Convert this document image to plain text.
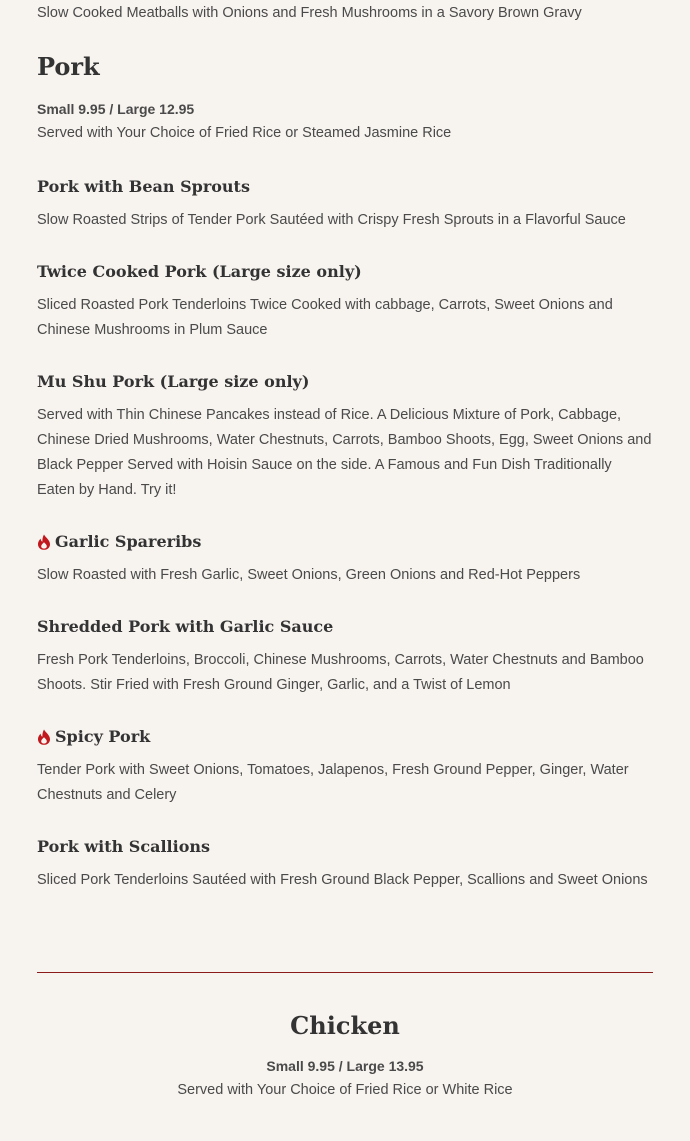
Slow Cooked Meatballs with Onions and Fresh Mushrooms in a Savory Brown Gravy

Pork

Small 9.95 / Large 12.95

Served with Your Choice of Fried Rice or Steamed Jasmine Rice

Pork with Bean Sprouts

Slow Roasted Strips of Tender Pork Sautéed with Crispy Fresh Sprouts in a Flavorful Sauce

Twice Cooked Pork (Large size only)

Sliced Roasted Pork Tenderloins Twice Cooked with cabbage, Carrots, Sweet Onions and Chinese Mushrooms in Plum Sauce

Mu Shu Pork (Large size only)

Served with Thin Chinese Pancakes instead of Rice. A Delicious Mixture of Pork, Cabbage, Chinese Dried Mushrooms, Water Chestnuts, Carrots, Bamboo Shoots, Egg, Sweet Onions and Black Pepper Served with Hoisin Sauce on the side. A Famous and Fun Dish Traditionally Eaten by Hand. Try it!

Garlic Spareribs

Slow Roasted with Fresh Garlic, Sweet Onions, Green Onions and Red-Hot Peppers

Shredded Pork with Garlic Sauce

Fresh Pork Tenderloins, Broccoli, Chinese Mushrooms, Carrots, Water Chestnuts and Bamboo Shoots. Stir Fried with Fresh Ground Ginger, Garlic, and a Twist of Lemon

Spicy Pork

Tender Pork with Sweet Onions, Tomatoes, Jalapenos, Fresh Ground Pepper, Ginger, Water Chestnuts and Celery

Pork with Scallions

Sliced Pork Tenderloins Sautéed with Fresh Ground Black Pepper, Scallions and Sweet Onions

Chicken

Small 9.95 / Large 13.95

Served with Your Choice of Fried Rice or White Rice
